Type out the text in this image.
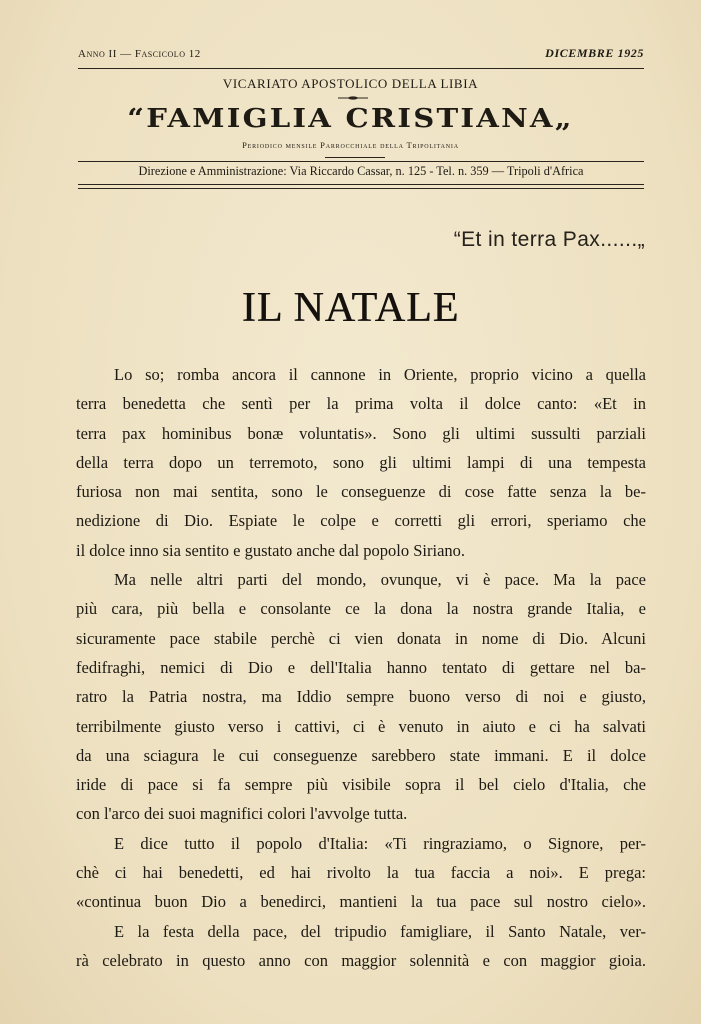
Anno II — Fascicolo 12	DICEMBRE 1925
VICARIATO APOSTOLICO DELLA LIBIA
“FAMIGLIA CRISTIANA„
Periodico mensile Parrocchiale della Tripolitania
Direzione e Amministrazione: Via Riccardo Cassar, n. 125 - Tel. n. 359 — Tripoli d'Africa
“Et in terra Pax......„
IL NATALE
Lo so; romba ancora il cannone in Oriente, proprio vicino a quella
terra benedetta che sentì per la prima volta il dolce canto: «Et in
terra pax hominibus bonæ voluntatis». Sono gli ultimi sussulti parziali
della terra dopo un terremoto, sono gli ultimi lampi di una tempesta
furiosa non mai sentita, sono le conseguenze di cose fatte senza la be-
nedizione di Dio. Espiate le colpe e corretti gli errori, speriamo che
il dolce inno sia sentito e gustato anche dal popolo Siriano.
Ma nelle altri parti del mondo, ovunque, vi è pace. Ma la pace
più cara, più bella e consolante ce la dona la nostra grande Italia, e
sicuramente pace stabile perchè ci vien donata in nome di Dio. Alcuni
fedifraghi, nemici di Dio e dell'Italia hanno tentato di gettare nel ba-
ratro la Patria nostra, ma Iddio sempre buono verso di noi e giusto,
terribilmente giusto verso i cattivi, ci è venuto in aiuto e ci ha salvati
da una sciagura le cui conseguenze sarebbero state immani. E il dolce
iride di pace si fa sempre più visibile sopra il bel cielo d'Italia, che
con l'arco dei suoi magnifici colori l'avvolge tutta.
E dice tutto il popolo d'Italia: «Ti ringraziamo, o Signore, per-
chè ci hai benedetti, ed hai rivolto la tua faccia a noi». E prega:
«continua buon Dio a benedirci, mantieni la tua pace sul nostro cielo».
E la festa della pace, del tripudio famigliare, il Santo Natale, ver-
rà celebrato in questo anno con maggior solennità e con maggior gioia.
